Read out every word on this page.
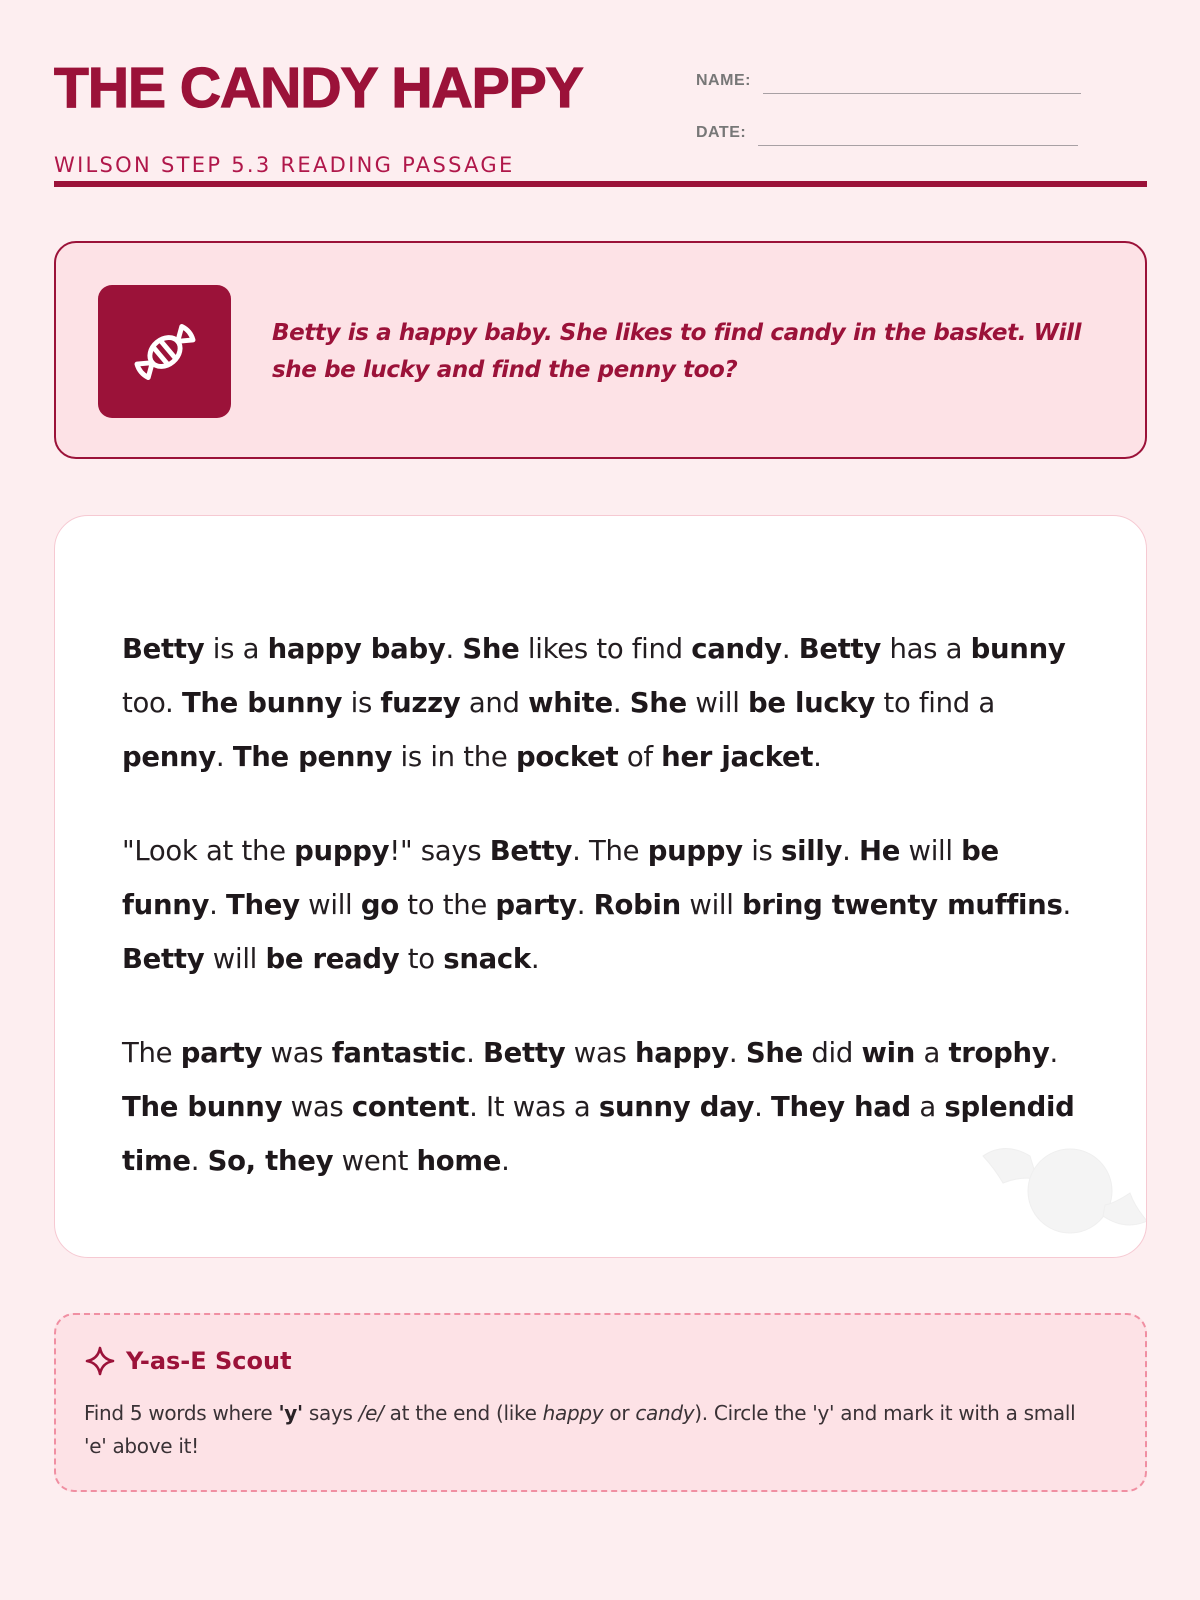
THE CANDY HAPPY
WILSON STEP 5.3 READING PASSAGE
NAME:
DATE:
Betty is a happy baby. She likes to find candy in the basket. Will she be lucky and find the penny too?

Betty is a happy baby. She likes to find candy. Betty has a bunny too. The bunny is fuzzy and white. She will be lucky to find a penny. The penny is in the pocket of her jacket.

"Look at the puppy!" says Betty. The puppy is silly. He will be funny. They will go to the party. Robin will bring twenty muffins. Betty will be ready to snack.

The party was fantastic. Betty was happy. She did win a trophy. The bunny was content. It was a sunny day. They had a splendid time. So, they went home.

Y-as-E Scout
Find 5 words where 'y' says /e/ at the end (like happy or candy). Circle the 'y' and mark it with a small 'e' above it!
